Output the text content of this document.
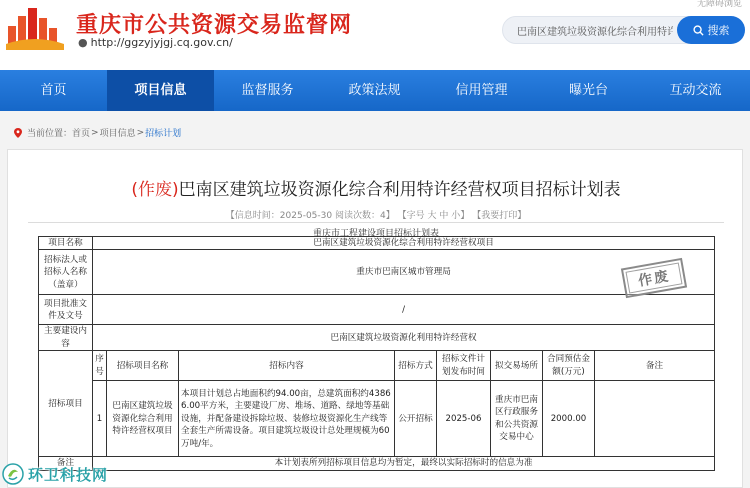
无障碍浏览
重庆市公共资源交易监督网
● http://ggzyjyjgj.cq.gov.cn/
巴南区建筑垃圾资源化综合利用特许
搜索
首页	项目信息	监督服务	政策法规	信用管理	曝光台	互动交流
当前位置： 首页 > 项目信息 > 招标计划
(作废)巴南区建筑垃圾资源化综合利用特许经营权项目招标计划表
【信息时间：2025-05-30 阅读次数：4】 【字号 大 中 小】 【我要打印】
重庆市工程建设项目招标计划表
项目名称	巴南区建筑垃圾资源化综合利用特许经营权项目							
招标法人或招标人名称（盖章）	重庆市巴南区城市管理局							
项目批准文件及文号	/							
主要建设内容	巴南区建筑垃圾资源化利用特许经营权							
招标项目	序号	招标项目名称	招标内容	招标方式	招标文件计划发布时间	拟交易场所	合同预估金额(万元)	备注
	1	巴南区建筑垃圾资源化综合利用特许经营权项目	本项目计划总占地面积约94.00亩，总建筑面积约43866.00平方米，主要建设厂房、堆场、道路、绿地等基础设施，并配备建设拆除垃圾、装修垃圾资源化生产线等全套生产所需设备。项目建筑垃圾设计总处理规模为60万吨/年。	公开招标	2025-06	重庆市巴南区行政服务和公共资源交易中心	2000.00	
备注	本计划表所列招标项目信息均为暂定，最终以实际招标时的信息为准							
作废
环卫科技网
